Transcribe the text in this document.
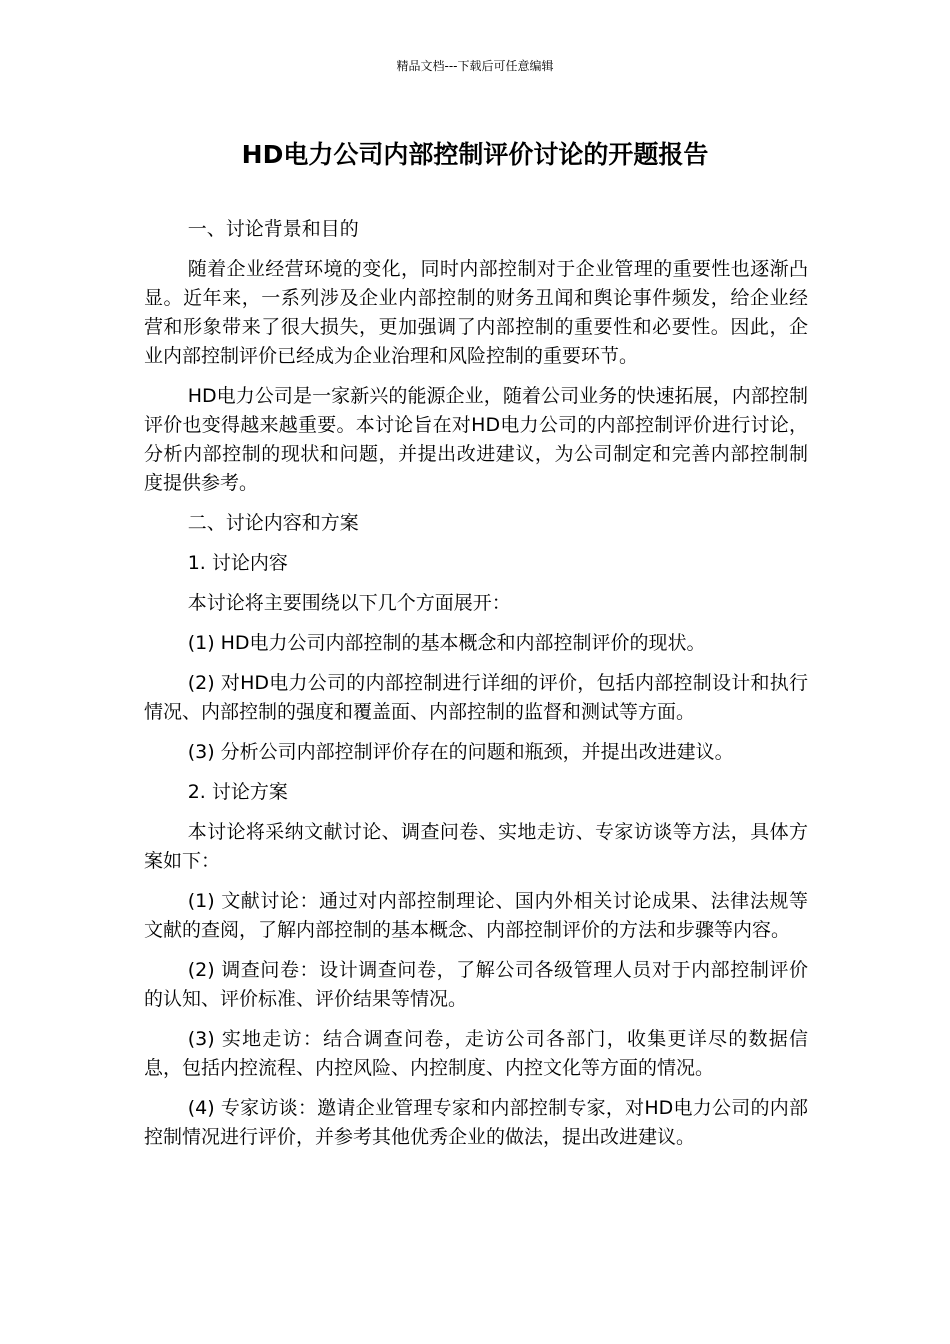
精品文档---下载后可任意编辑
HD电力公司内部控制评价讨论的开题报告

一、讨论背景和目的

随着企业经营环境的变化，同时内部控制对于企业管理的重要性也逐渐凸显。近年来，一系列涉及企业内部控制的财务丑闻和舆论事件频发，给企业经营和形象带来了很大损失，更加强调了内部控制的重要性和必要性。因此，企业内部控制评价已经成为企业治理和风险控制的重要环节。

HD电力公司是一家新兴的能源企业，随着公司业务的快速拓展，内部控制评价也变得越来越重要。本讨论旨在对HD电力公司的内部控制评价进行讨论，分析内部控制的现状和问题，并提出改进建议，为公司制定和完善内部控制制度提供参考。

二、讨论内容和方案

1. 讨论内容

本讨论将主要围绕以下几个方面展开：

(1) HD电力公司内部控制的基本概念和内部控制评价的现状。

(2) 对HD电力公司的内部控制进行详细的评价，包括内部控制设计和执行情况、内部控制的强度和覆盖面、内部控制的监督和测试等方面。

(3) 分析公司内部控制评价存在的问题和瓶颈，并提出改进建议。

2. 讨论方案

本讨论将采纳文献讨论、调查问卷、实地走访、专家访谈等方法，具体方案如下：

(1) 文献讨论：通过对内部控制理论、国内外相关讨论成果、法律法规等文献的查阅，了解内部控制的基本概念、内部控制评价的方法和步骤等内容。

(2) 调查问卷：设计调查问卷，了解公司各级管理人员对于内部控制评价的认知、评价标准、评价结果等情况。

(3) 实地走访：结合调查问卷，走访公司各部门，收集更详尽的数据信息，包括内控流程、内控风险、内控制度、内控文化等方面的情况。

(4) 专家访谈：邀请企业管理专家和内部控制专家，对HD电力公司的内部控制情况进行评价，并参考其他优秀企业的做法，提出改进建议。
